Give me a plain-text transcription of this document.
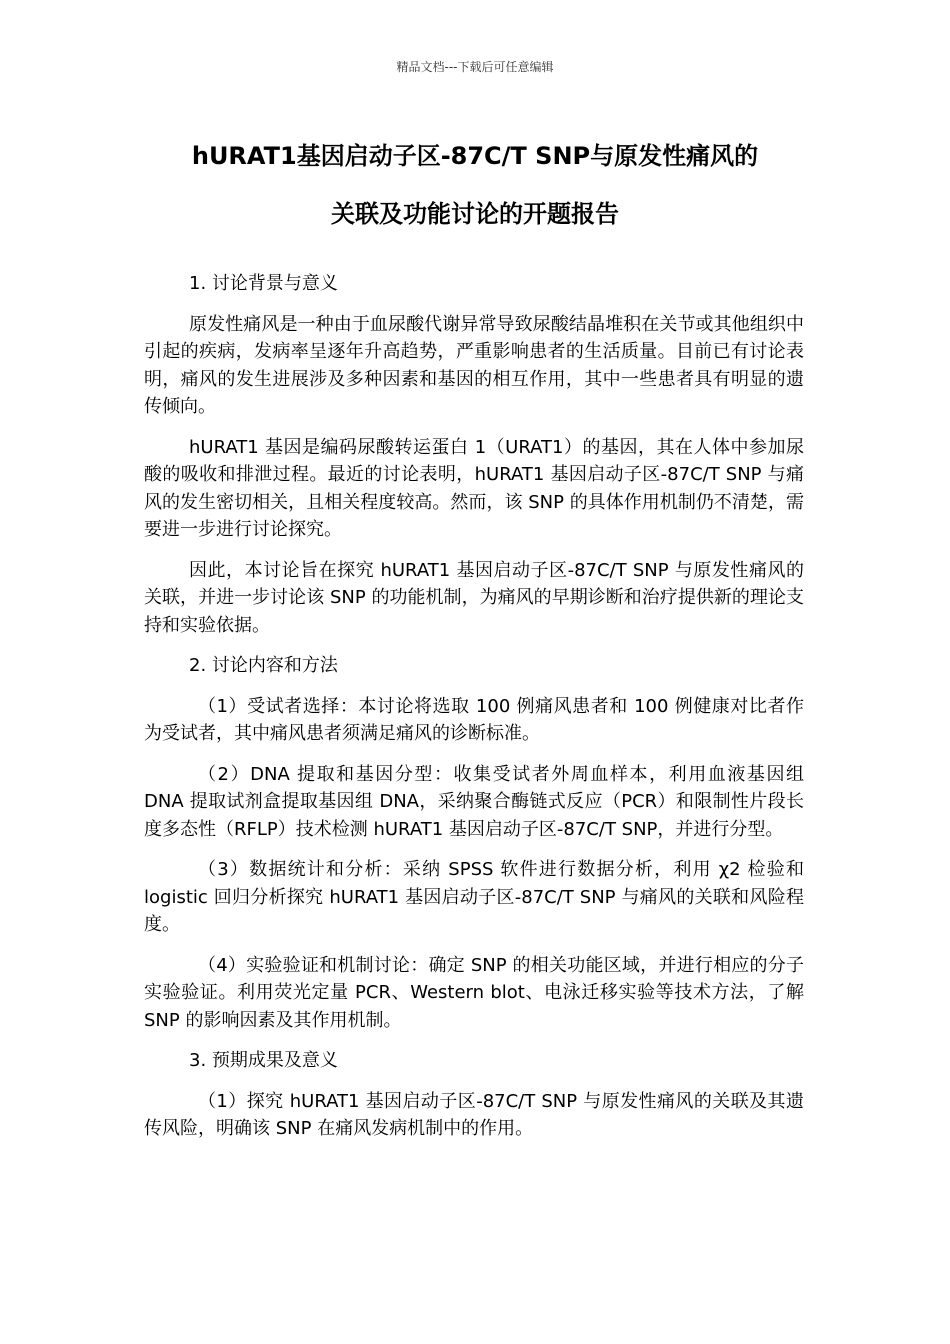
精品文档---下载后可任意编辑
hURAT1基因启动子区-87C/T SNP与原发性痛风的
关联及功能讨论的开题报告

1. 讨论背景与意义

原发性痛风是一种由于血尿酸代谢异常导致尿酸结晶堆积在关节或其他组织中引起的疾病，发病率呈逐年升高趋势，严重影响患者的生活质量。目前已有讨论表明，痛风的发生进展涉及多种因素和基因的相互作用，其中一些患者具有明显的遗传倾向。

hURAT1 基因是编码尿酸转运蛋白 1（URAT1）的基因，其在人体中参加尿酸的吸收和排泄过程。最近的讨论表明，hURAT1 基因启动子区-87C/T SNP 与痛风的发生密切相关，且相关程度较高。然而，该 SNP 的具体作用机制仍不清楚，需要进一步进行讨论探究。

因此，本讨论旨在探究 hURAT1 基因启动子区-87C/T SNP 与原发性痛风的关联，并进一步讨论该 SNP 的功能机制，为痛风的早期诊断和治疗提供新的理论支持和实验依据。

2. 讨论内容和方法

（1）受试者选择：本讨论将选取 100 例痛风患者和 100 例健康对比者作为受试者，其中痛风患者须满足痛风的诊断标准。

（2）DNA 提取和基因分型：收集受试者外周血样本，利用血液基因组 DNA 提取试剂盒提取基因组 DNA，采纳聚合酶链式反应（PCR）和限制性片段长度多态性（RFLP）技术检测 hURAT1 基因启动子区-87C/T SNP，并进行分型。

（3）数据统计和分析：采纳 SPSS 软件进行数据分析，利用 χ2 检验和 logistic 回归分析探究 hURAT1 基因启动子区-87C/T SNP 与痛风的关联和风险程度。

（4）实验验证和机制讨论：确定 SNP 的相关功能区域，并进行相应的分子实验验证。利用荧光定量 PCR、Western blot、电泳迁移实验等技术方法，了解 SNP 的影响因素及其作用机制。

3. 预期成果及意义

（1）探究 hURAT1 基因启动子区-87C/T SNP 与原发性痛风的关联及其遗传风险，明确该 SNP 在痛风发病机制中的作用。
